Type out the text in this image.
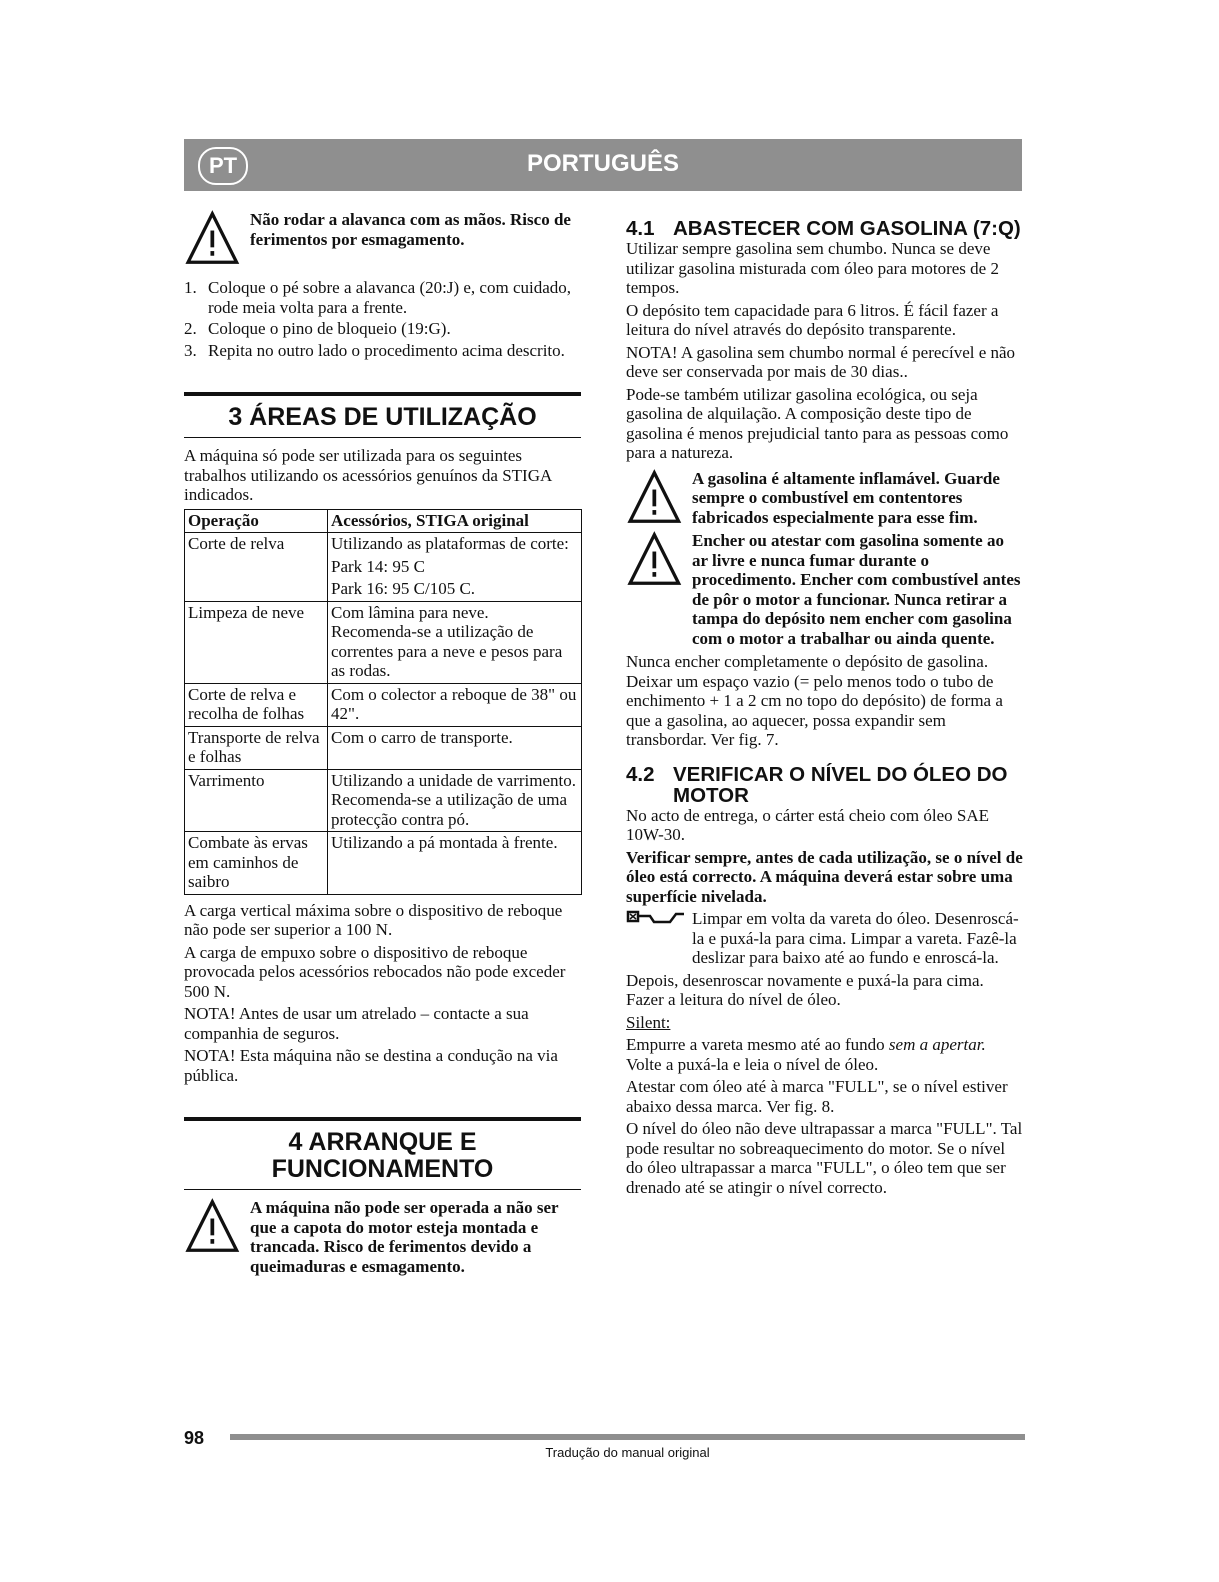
PT	PORTUGUÊS
Não rodar a alavanca com as mãos. Risco de ferimentos por esmagamento.
1. Coloque o pé sobre a alavanca (20:J) e, com cuidado, rode meia volta para a frente.
2. Coloque o pino de bloqueio (19:G).
3. Repita no outro lado o procedimento acima descrito.
3 ÁREAS DE UTILIZAÇÃO

A máquina só pode ser utilizada para os seguintes trabalhos utilizando os acessórios genuínos da STIGA indicados.

Operação	Acessórios, STIGA original
Corte de relva	Utilizando as plataformas de corte:
Park 14: 95 C
Park 16: 95 C/105 C.

Limpeza de neve	Com lâmina para neve. Recomenda-se a utilização de correntes para a neve e pesos para as rodas.
Corte de relva e recolha de folhas	Com o colector a reboque de 38" ou 42".
Transporte de relva e folhas	Com o carro de transporte.
Varrimento	Utilizando a unidade de varrimento. Recomenda-se a utilização de uma protecção contra pó.
Combate às ervas em caminhos de saibro	Utilizando a pá montada à frente.

A carga vertical máxima sobre o dispositivo de reboque não pode ser superior a 100 N.

A carga de empuxo sobre o dispositivo de reboque provocada pelos acessórios rebocados não pode exceder 500 N.

NOTA! Antes de usar um atrelado – contacte a sua companhia de seguros.

NOTA! Esta máquina não se destina a condução na via pública.

4 ARRANQUE E FUNCIONAMENTO
A máquina não pode ser operada a não ser que a capota do motor esteja montada e trancada. Risco de ferimentos devido a queimaduras e esmagamento.
4.1 ABASTECER COM GASOLINA (7:Q)

Utilizar sempre gasolina sem chumbo. Nunca se deve utilizar gasolina misturada com óleo para motores de 2 tempos.

O depósito tem capacidade para 6 litros. É fácil fazer a leitura do nível através do depósito transparente.

NOTA! A gasolina sem chumbo normal é perecível e não deve ser conservada por mais de 30 dias..

Pode-se também utilizar gasolina ecológica, ou seja gasolina de alquilação. A composição deste tipo de gasolina é menos prejudicial tanto para as pessoas como para a natureza.

A gasolina é altamente inflamável. Guarde sempre o combustível em contentores fabricados especialmente para esse fim.
Encher ou atestar com gasolina somente ao ar livre e nunca fumar durante o procedimento. Encher com combustível antes de pôr o motor a funcionar. Nunca retirar a tampa do depósito nem encher com gasolina com o motor a trabalhar ou ainda quente.

Nunca encher completamente o depósito de gasolina. Deixar um espaço vazio (= pelo menos todo o tubo de enchimento + 1 a 2 cm no topo do depósito) de forma a que a gasolina, ao aquecer, possa expandir sem transbordar. Ver fig. 7.

4.2 VERIFICAR O NÍVEL DO ÓLEO DO MOTOR

No acto de entrega, o cárter está cheio com óleo SAE 10W-30.

Verificar sempre, antes de cada utilização, se o nível de óleo está correcto. A máquina deverá estar sobre uma superfície nivelada.

Limpar em volta da vareta do óleo. Desenroscá-la e puxá-la para cima. Limpar a vareta. Fazê-la deslizar para baixo até ao fundo e enroscá-la.

Depois, desenroscar novamente e puxá-la para cima. Fazer a leitura do nível de óleo.

Silent:

Empurre a vareta mesmo até ao fundo sem a apertar. Volte a puxá-la e leia o nível de óleo.

Atestar com óleo até à marca "FULL", se o nível estiver abaixo dessa marca. Ver fig. 8.

O nível do óleo não deve ultrapassar a marca "FULL". Tal pode resultar no sobreaquecimento do motor. Se o nível do óleo ultrapassar a marca "FULL", o óleo tem que ser drenado até se atingir o nível correcto.

98
Tradução do manual original
